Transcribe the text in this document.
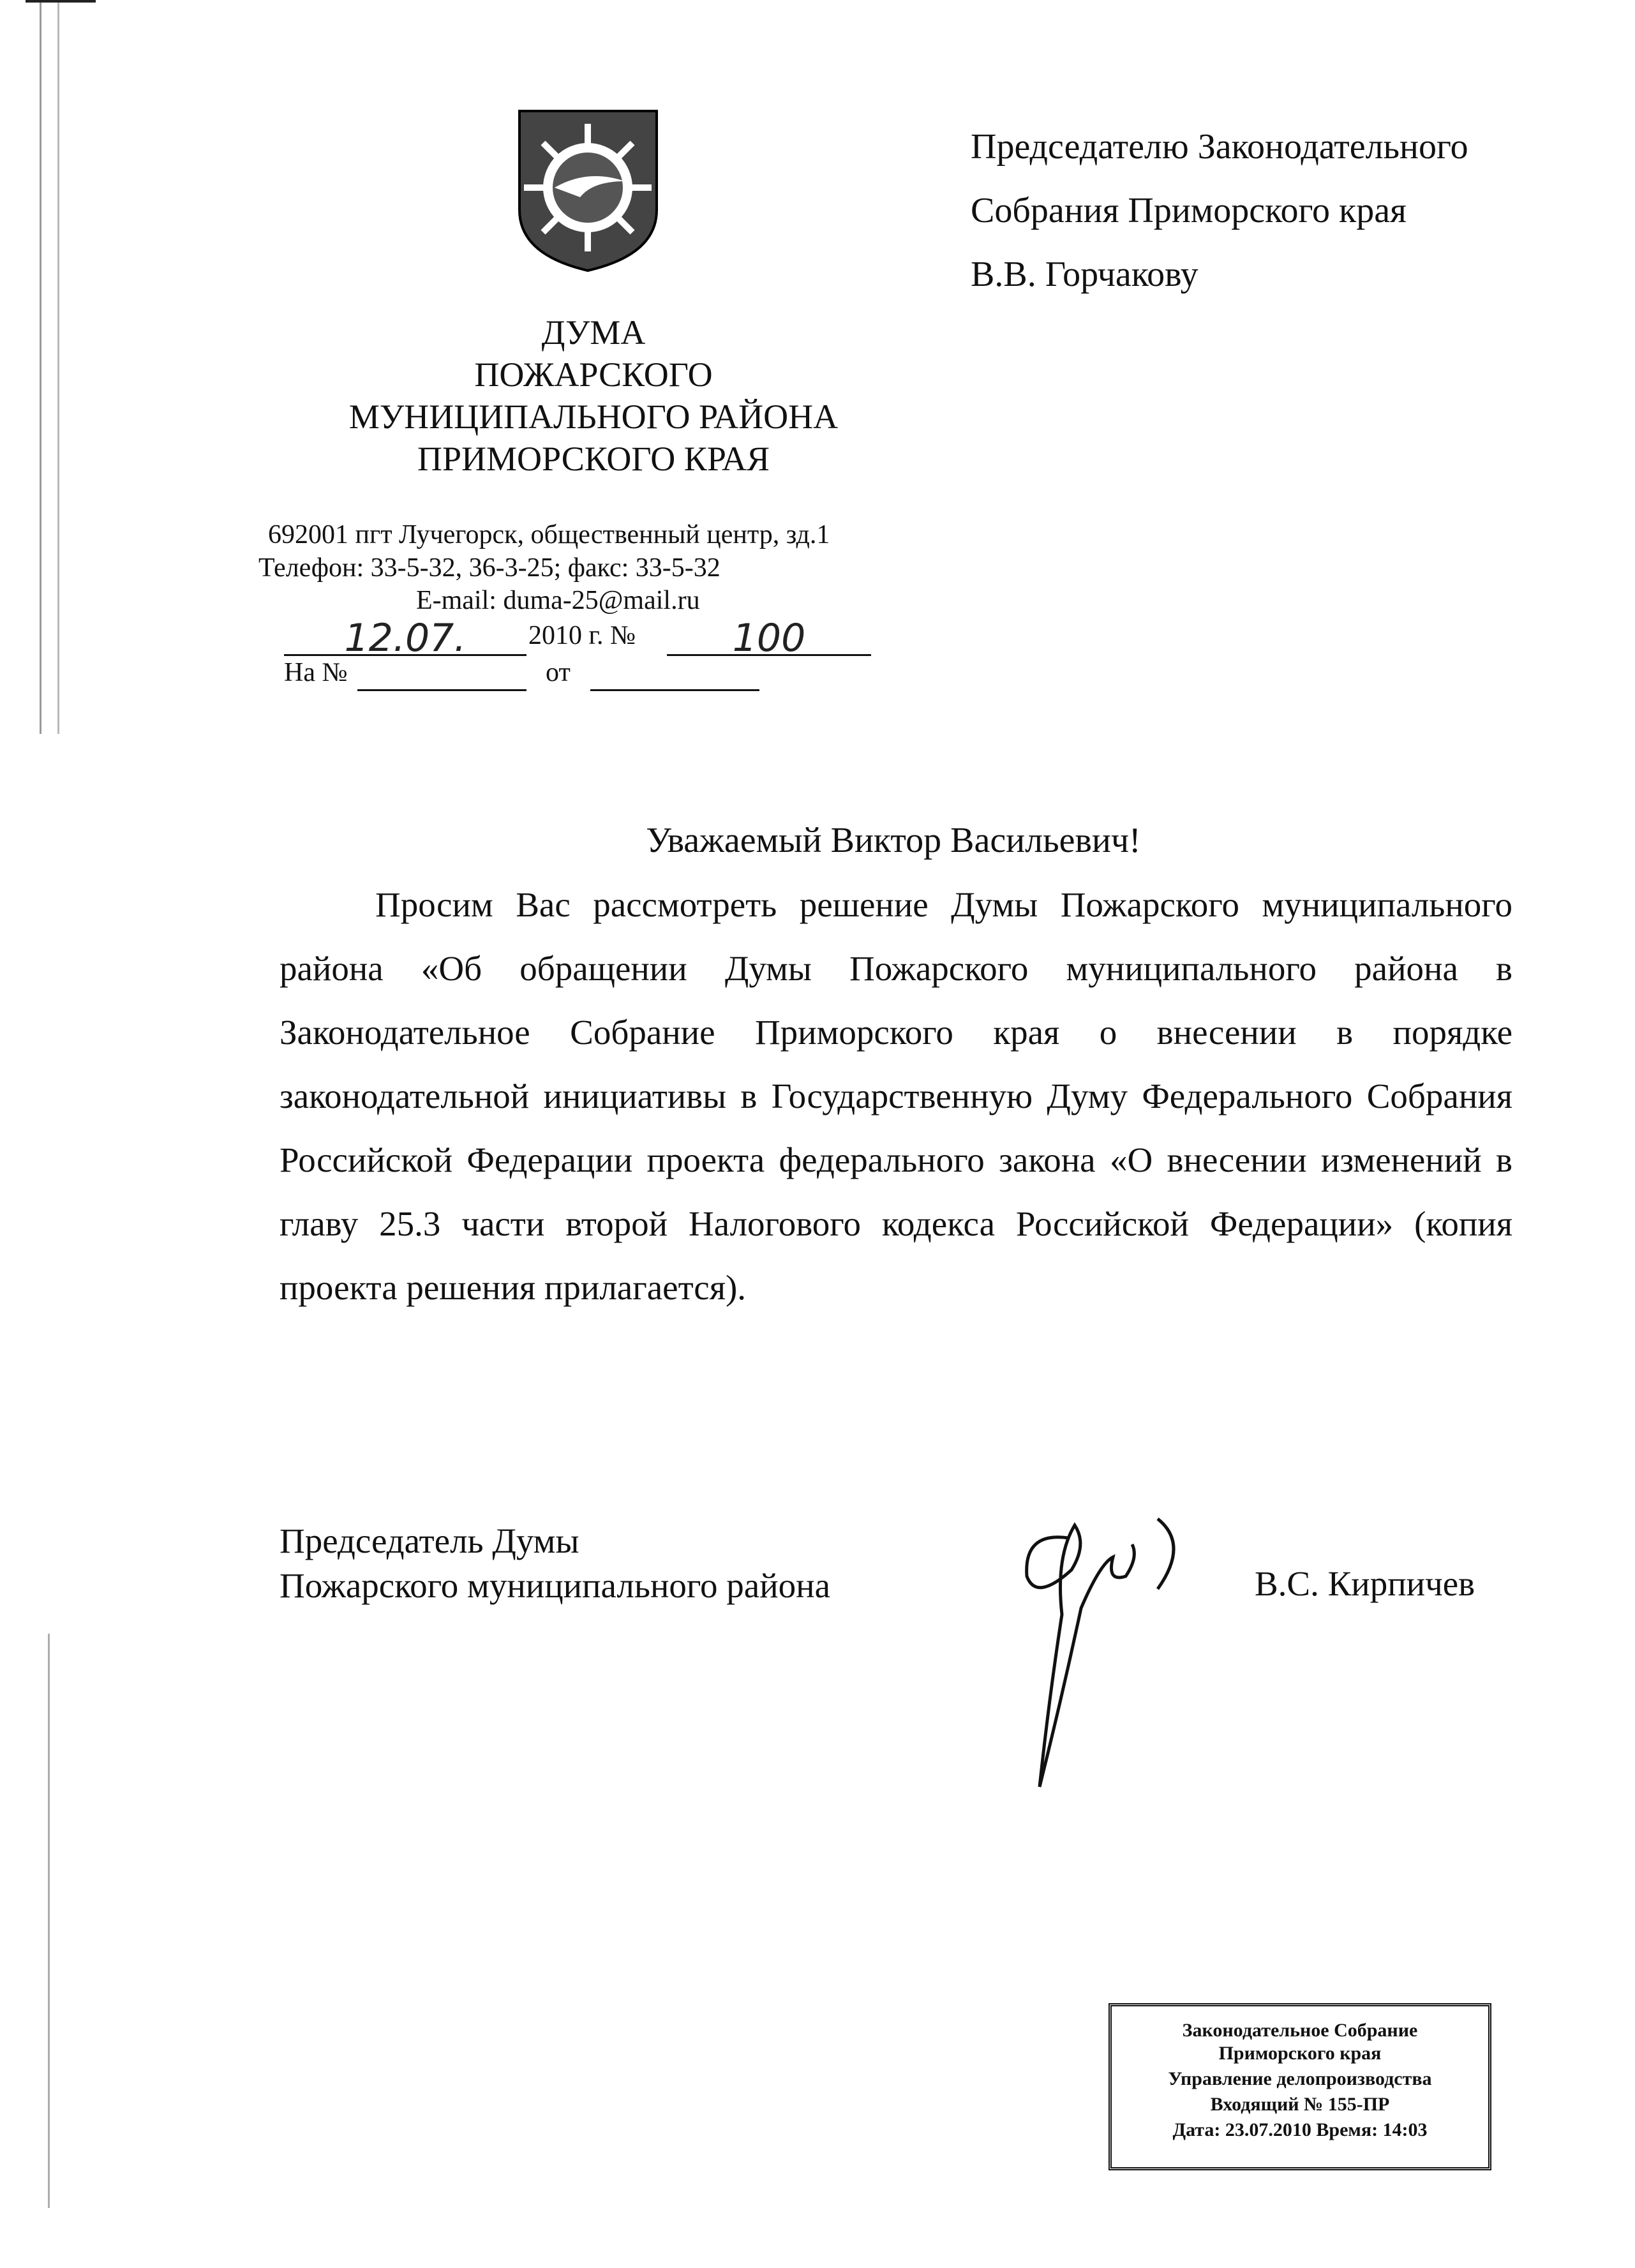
ДУМА
ПОЖАРСКОГО
МУНИЦИПАЛЬНОГО РАЙОНА
ПРИМОРСКОГО КРАЯ
Председателю Законодательного
Собрания Приморского края
В.В. Горчакову
692001 пгт Лучегорск, общественный центр, зд.1
Телефон: 33-5-32, 36-3-25; факс: 33-5-32
E-mail: duma-25@mail.ru
12.07.	2010 г. №	100
На №	от
Уважаемый Виктор Васильевич!
Просим Вас рассмотреть решение Думы Пожарского муниципального района «Об обращении Думы Пожарского муниципального района в Законодательное Собрание Приморского края о внесении в порядке законодательной инициативы в Государственную Думу Федерального Собрания Российской Федерации проекта федерального закона «О внесении изменений в главу 25.3 части второй Налогового кодекса Российской Федерации» (копия проекта решения прилагается).
Председатель Думы
Пожарского муниципального района	В.С. Кирпичев
Законодательное Собрание
Приморского края
Управление делопроизводства
Входящий № 155-ПР
Дата: 23.07.2010 Время: 14:03
